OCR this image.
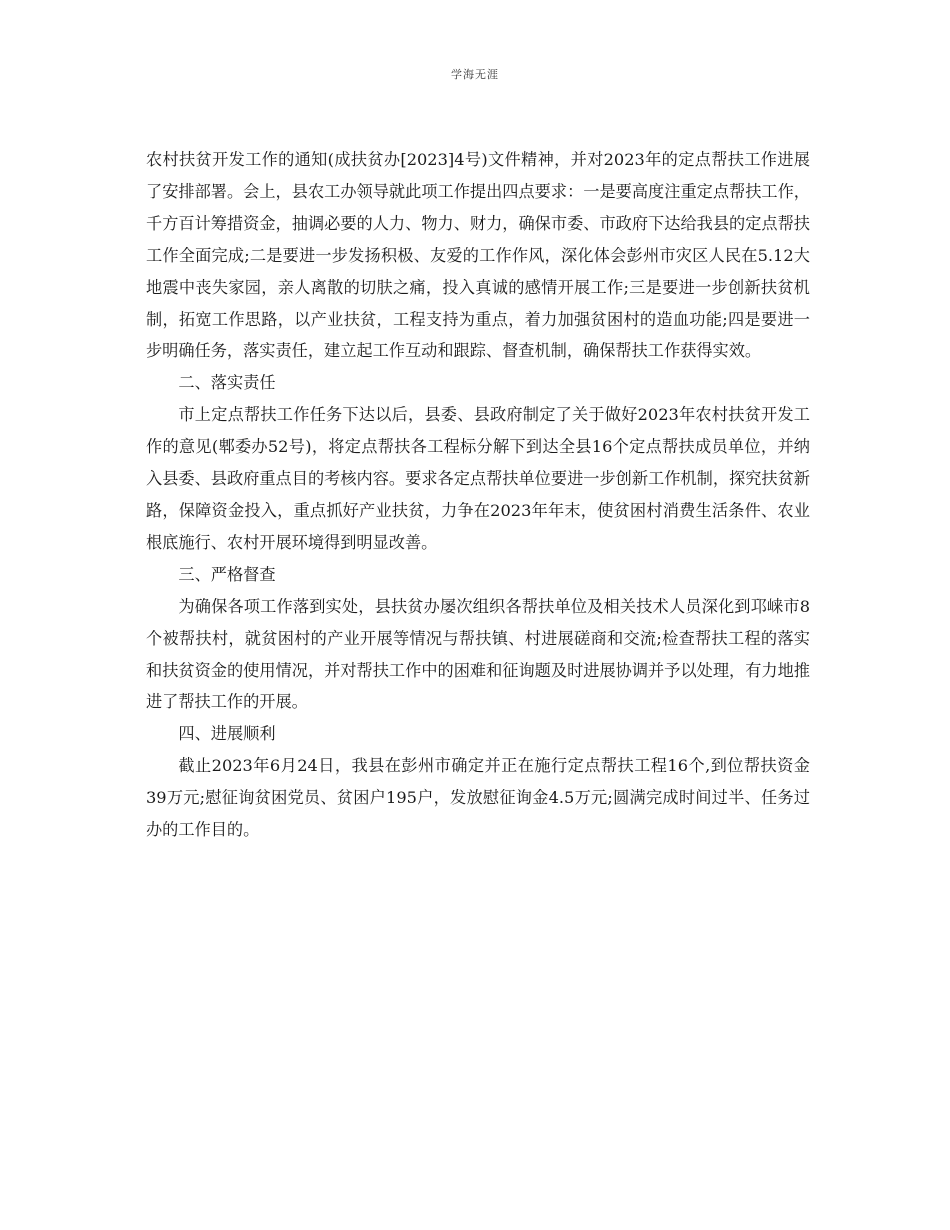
学海无涯

农村扶贫开发工作的通知(成扶贫办[2023]4号)文件精神，并对2023年的定点帮扶工作进展了安排部署。会上，县农工办领导就此项工作提出四点要求：一是要高度注重定点帮扶工作，千方百计筹措资金，抽调必要的人力、物力、财力，确保市委、市政府下达给我县的定点帮扶工作全面完成;二是要进一步发扬积极、友爱的工作作风，深化体会彭州市灾区人民在5.12大地震中丧失家园，亲人离散的切肤之痛，投入真诚的感情开展工作;三是要进一步创新扶贫机制，拓宽工作思路，以产业扶贫，工程支持为重点，着力加强贫困村的造血功能;四是要进一步明确任务，落实责任，建立起工作互动和跟踪、督查机制，确保帮扶工作获得实效。

二、落实责任

市上定点帮扶工作任务下达以后，县委、县政府制定了关于做好2023年农村扶贫开发工作的意见(郫委办52号)，将定点帮扶各工程标分解下到达全县16个定点帮扶成员单位，并纳入县委、县政府重点目的考核内容。要求各定点帮扶单位要进一步创新工作机制，探究扶贫新路，保障资金投入，重点抓好产业扶贫，力争在2023年年末，使贫困村消费生活条件、农业根底施行、农村开展环境得到明显改善。

三、严格督查

为确保各项工作落到实处，县扶贫办屡次组织各帮扶单位及相关技术人员深化到邛崃市8个被帮扶村，就贫困村的产业开展等情况与帮扶镇、村进展磋商和交流;检查帮扶工程的落实和扶贫资金的使用情况，并对帮扶工作中的困难和征询题及时进展协调并予以处理，有力地推进了帮扶工作的开展。

四、进展顺利

截止2023年6月24日，我县在彭州市确定并正在施行定点帮扶工程16个,到位帮扶资金39万元;慰征询贫困党员、贫困户195户，发放慰征询金4.5万元;圆满完成时间过半、任务过办的工作目的。
